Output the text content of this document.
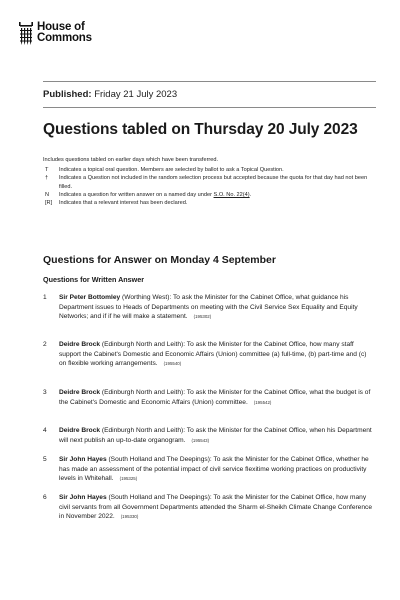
House of
Commons
Published: Friday 21 July 2023
Questions tabled on Thursday 20 July 2023
Includes questions tabled on earlier days which have been transferred.
T	Indicates a topical oral question. Members are selected by ballot to ask a Topical Question.
†	Indicates a Question not included in the random selection process but accepted because the quota for that day had not been filled.
N	Indicates a question for written answer on a named day under S.O. No. 22(4).
[R]	Indicates that a relevant interest has been declared.
Questions for Answer on Monday 4 September
Questions for Written Answer
1	Sir Peter Bottomley (Worthing West): To ask the Minister for the Cabinet Office, what guidance his Department issues to Heads of Departments on meeting with the Civil Service Sex Equality and Equity Networks; and if if he will make a statement. (195302)
2	Deidre Brock (Edinburgh North and Leith): To ask the Minister for the Cabinet Office, how many staff support the Cabinet's Domestic and Economic Affairs (Union) committee (a) full-time, (b) part-time and (c) on flexible working arrangements. (195540)
3	Deidre Brock (Edinburgh North and Leith): To ask the Minister for the Cabinet Office, what the budget is of the Cabinet's Domestic and Economic Affairs (Union) committee. (195542)
4	Deidre Brock (Edinburgh North and Leith): To ask the Minister for the Cabinet Office, when his Department will next publish an up-to-date organogram. (195543)
5	Sir John Hayes (South Holland and The Deepings): To ask the Minister for the Cabinet Office, whether he has made an assessment of the potential impact of civil service flexitime working practices on productivity levels in Whitehall. (195325)
6	Sir John Hayes (South Holland and The Deepings): To ask the Minister for the Cabinet Office, how many civil servants from all Government Departments attended the Sharm el-Sheikh Climate Change Conference in November 2022. (195330)
